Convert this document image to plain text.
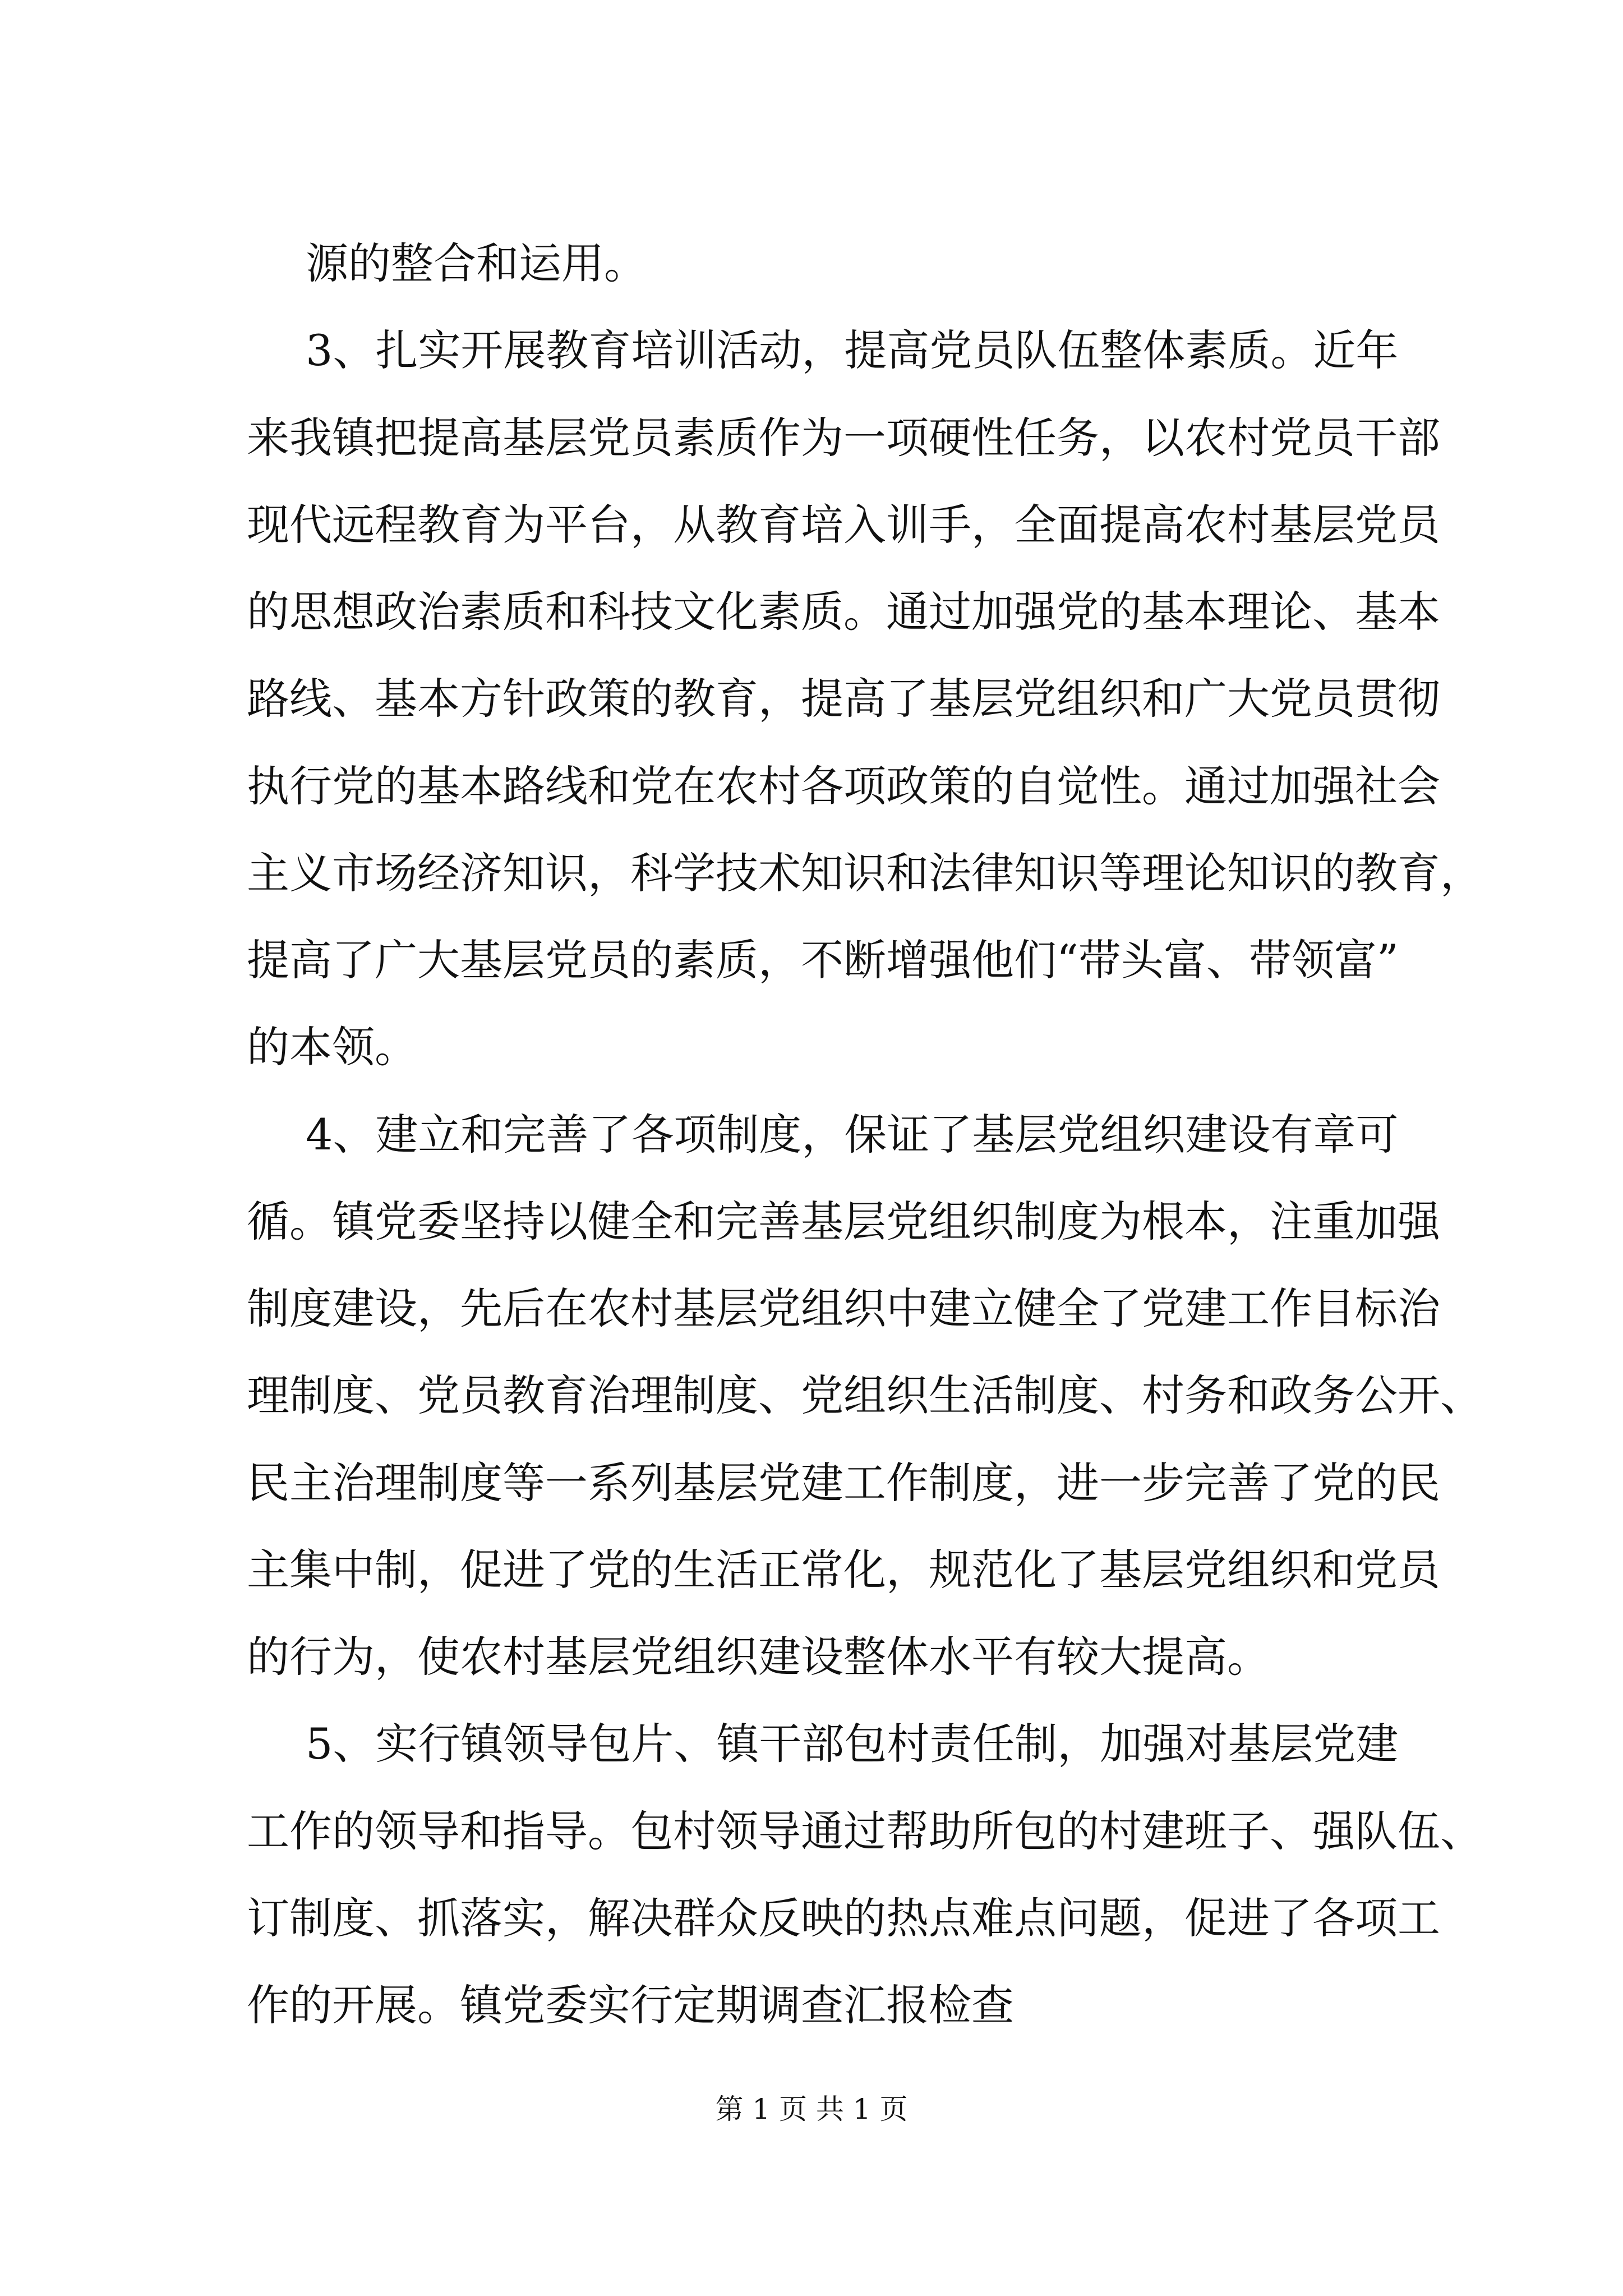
源的整合和运用。
3、扎实开展教育培训活动，提高党员队伍整体素质。近年
来我镇把提高基层党员素质作为一项硬性任务，以农村党员干部
现代远程教育为平台，从教育培入训手，全面提高农村基层党员
的思想政治素质和科技文化素质。通过加强党的基本理论、基本
路线、基本方针政策的教育，提高了基层党组织和广大党员贯彻
执行党的基本路线和党在农村各项政策的自觉性。通过加强社会
主义市场经济知识，科学技术知识和法律知识等理论知识的教育，
提高了广大基层党员的素质，不断增强他们“带头富、带领富”
的本领。
4、建立和完善了各项制度，保证了基层党组织建设有章可
循。镇党委坚持以健全和完善基层党组织制度为根本，注重加强
制度建设，先后在农村基层党组织中建立健全了党建工作目标治
理制度、党员教育治理制度、党组织生活制度、村务和政务公开、
民主治理制度等一系列基层党建工作制度，进一步完善了党的民
主集中制，促进了党的生活正常化，规范化了基层党组织和党员
的行为，使农村基层党组织建设整体水平有较大提高。
5、实行镇领导包片、镇干部包村责任制，加强对基层党建
工作的领导和指导。包村领导通过帮助所包的村建班子、强队伍、
订制度、抓落实，解决群众反映的热点难点问题，促进了各项工
作的开展。镇党委实行定期调查汇报检查
第 1 页 共 1 页
